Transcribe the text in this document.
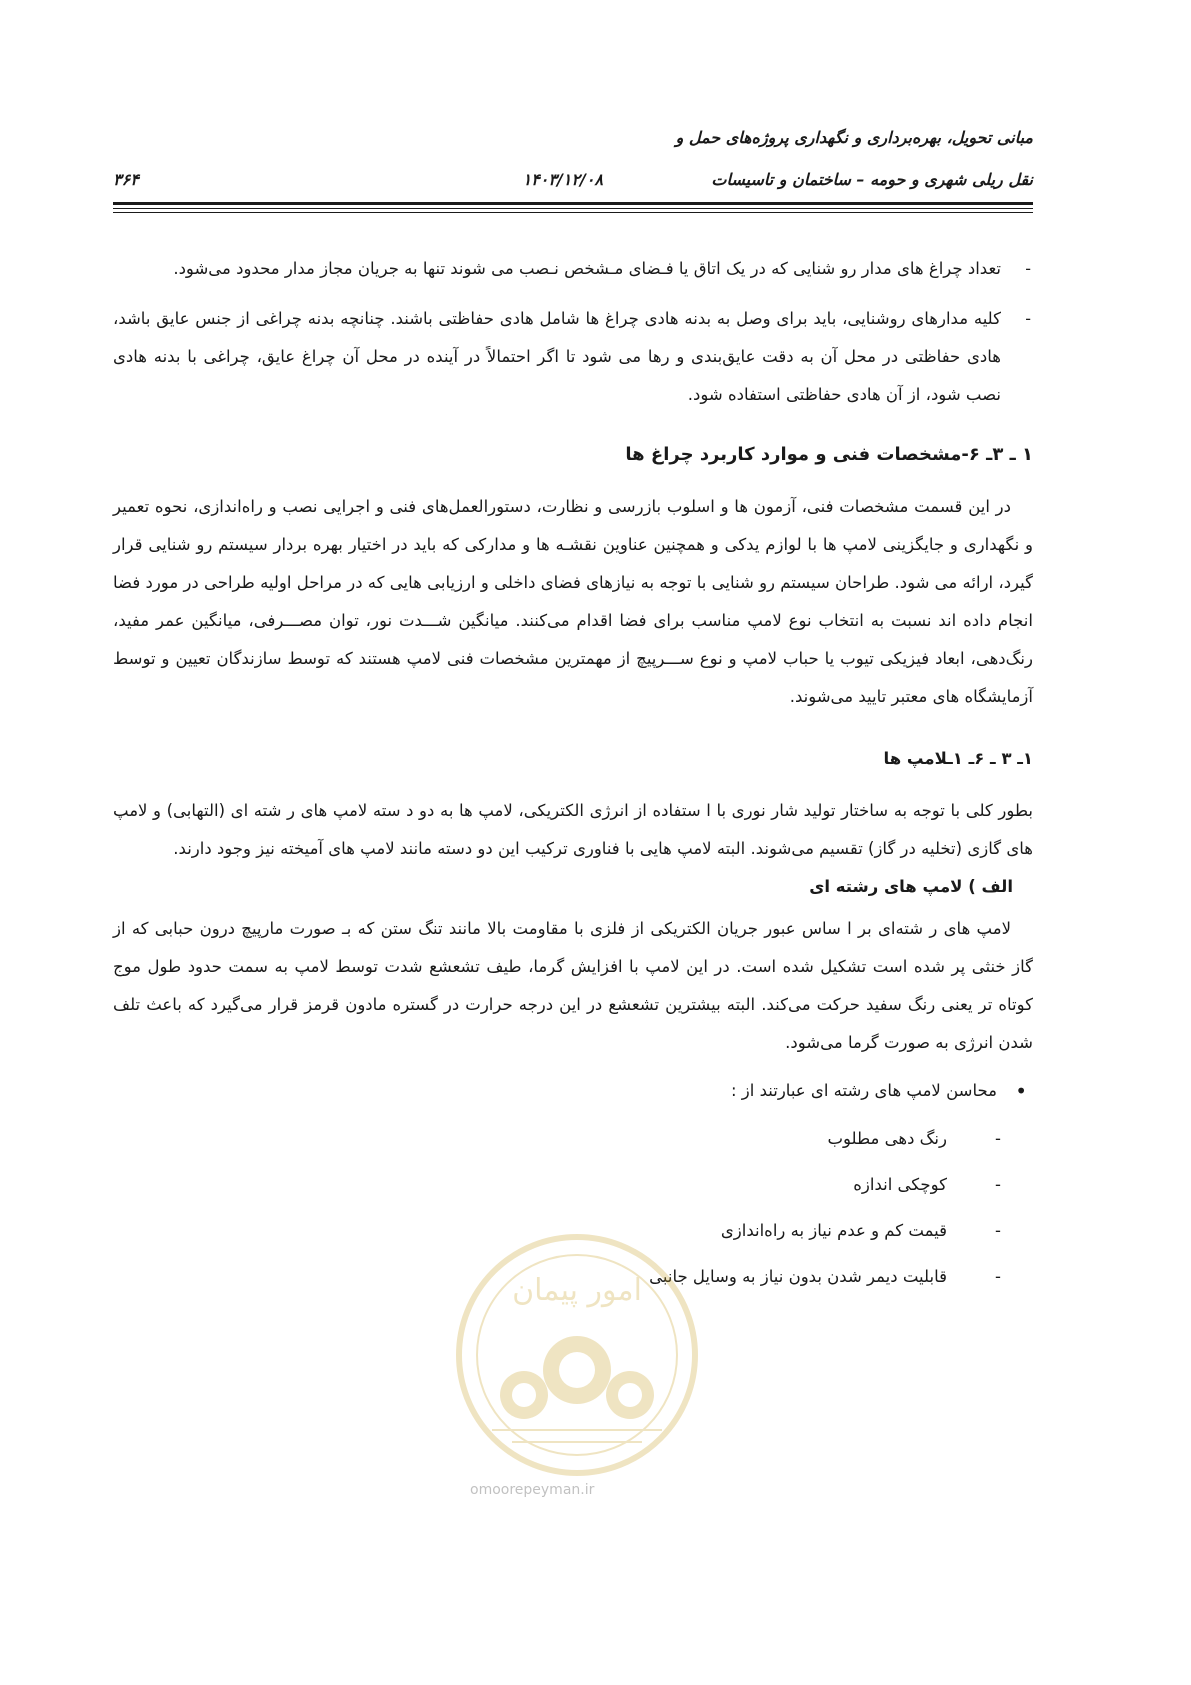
مبانی تحویل، بهره‌برداری و نگهداری پروژه‌های حمل و
نقل ریلی شهری و حومه – ساختمان و تاسیسات
۱۴۰۳/۱۲/۰۸
۳۶۴
-

تعداد چراغ های مدار رو شنایی که در یک اتاق یا فـضای مـشخص نـصب می شوند تنها به جریان مجاز مدار محدود می‌شود.

-

کلیه مدارهای روشنایی، باید برای وصل به بدنه هادی چراغ ها شامل هادی حفاظتی باشند. چنانچه بدنه چراغی از جنس عایق باشد، هادی حفاظتی در محل آن به دقت عایق‌بندی و رها می شود تا اگر احتمالاً در آینده در محل آن چراغ عایق، چراغی با بدنه هادی نصب شود، از آن هادی حفاظتی استفاده شود.

۱ ـ ۳ـ ۶-مشخصات فنی و موارد کاربرد چراغ ها

در این قسمت مشخصات فنی، آزمون ها و اسلوب بازرسی و نظارت، دستورالعمل‌های فنی و اجرایی نصب و راه‌اندازی، نحوه تعمیر و نگهداری و جایگزینی لامپ ها با لوازم یدکی و همچنین عناوین نقشـه ها و مدارکی که باید در اختیار بهره بردار سیستم رو شنایی قرار گیرد، ارائه می شود. طراحان سیستم رو شنایی با توجه به نیازهای فضای داخلی و ارزیابی هایی که در مراحل اولیه طراحی در مورد فضا انجام داده اند نسبت به انتخاب نوع لامپ مناسب برای فضا اقدام می‌کنند. میانگین شـــدت نور، توان مصـــرفی، میانگین عمر مفید، رنگ‌دهی، ابعاد فیزیکی تیوب یا حباب لامپ و نوع ســـرپیچ از مهمترین مشخصات فنی لامپ هستند که توسط سازندگان تعیین و توسط آزمایشگاه های معتبر تایید می‌شوند.

۱ـ ۳ ـ ۶ـ ۱ـلامپ ها

بطور کلی با توجه به ساختار تولید شار نوری با ا ستفاده از انرژی الکتریکی، لامپ ها به دو د سته لامپ های ر شته ای (التهابی) و لامپ های گازی (تخلیه در گاز) تقسیم می‌شوند. البته لامپ هایی با فناوری ترکیب این دو دسته مانند لامپ های آمیخته نیز وجود دارند.

الف ) لامپ های رشته ای

لامپ های ر شته‌ای بر ا ساس عبور جریان الکتریکی از فلزی با مقاومت بالا مانند تنگ ستن که بـ صورت مارپیچ درون حبابی که از گاز خنثی پر شده است تشکیل شده است. در این لامپ با افزایش گرما، طیف تشعشع شدت توسط لامپ به سمت حدود طول موج کوتاه تر یعنی رنگ سفید حرکت می‌کند. البته بیشترین تشعشع در این درجه حرارت در گستره مادون قرمز قرار می‌گیرد که باعث تلف شدن انرژی به صورت گرما می‌شود.

•

محاسن لامپ های رشته ای عبارتند از :

-
رنگ دهی مطلوب
-
کوچکی اندازه
-
قیمت کم و عدم نیاز به راه‌اندازی
-
قابلیت دیمر شدن بدون نیاز به وسایل جانبی
امور پیمان
omoorepeyman.ir
